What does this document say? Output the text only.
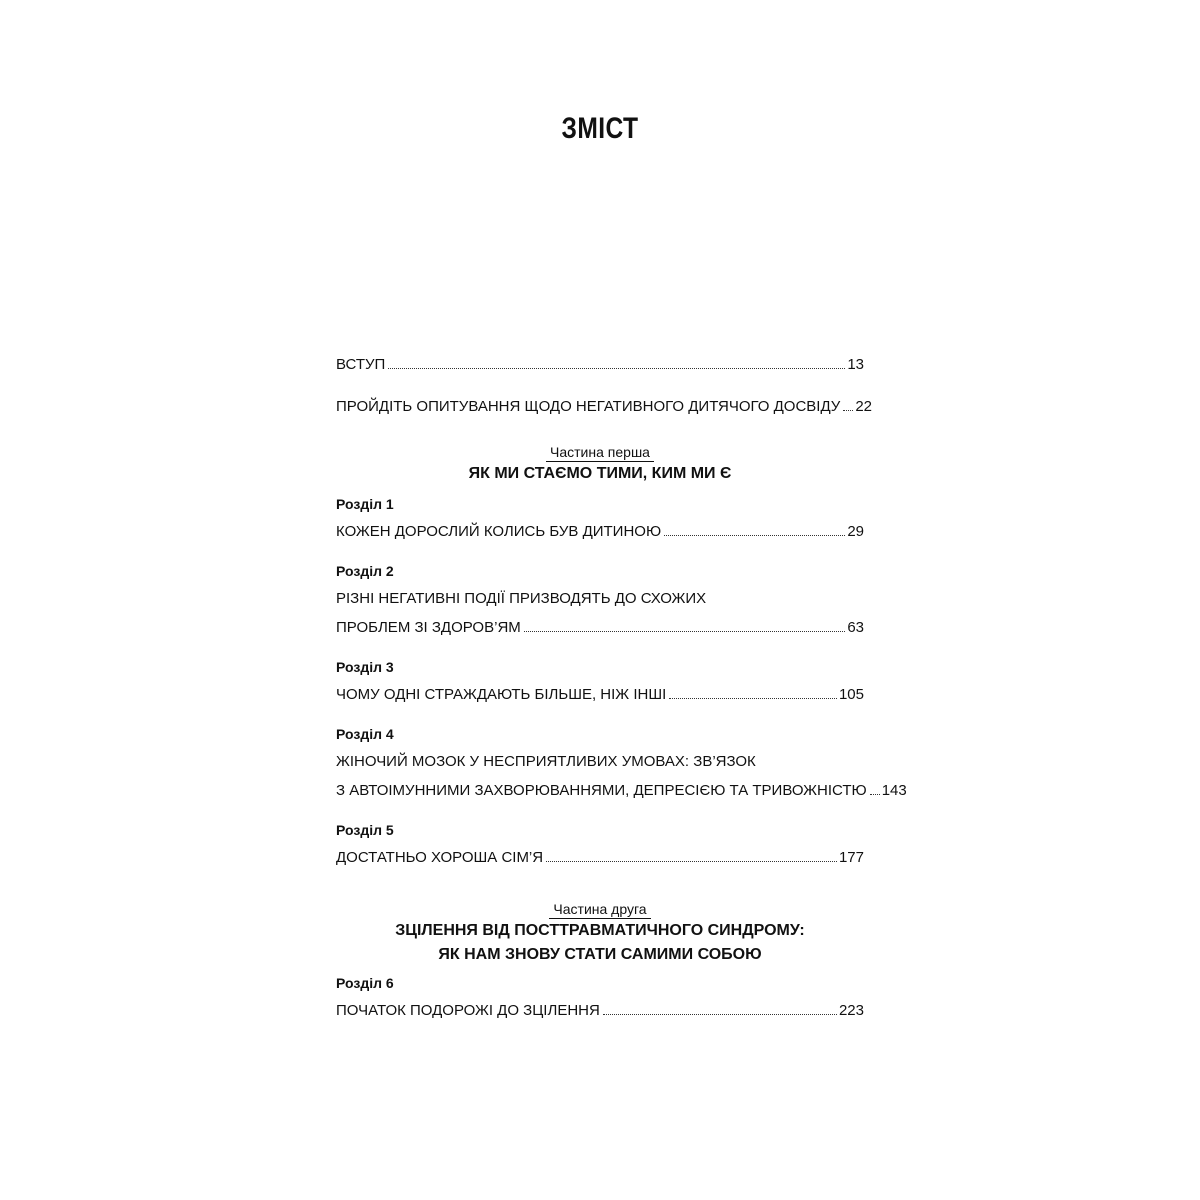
ЗМІСТ
ВСТУП	13
ПРОЙДІТЬ ОПИТУВАННЯ ЩОДО НЕГАТИВНОГО ДИТЯЧОГО ДОСВІДУ 22
Частина перша
ЯК МИ СТАЄМО ТИМИ, КИМ МИ Є
Розділ 1
КОЖЕН ДОРОСЛИЙ КОЛИСЬ БУВ ДИТИНОЮ	29
Розділ 2
РІЗНІ НЕГАТИВНІ ПОДІЇ ПРИЗВОДЯТЬ ДО СХОЖИХ
ПРОБЛЕМ ЗІ ЗДОРОВ’ЯМ	63
Розділ 3
ЧОМУ ОДНІ СТРАЖДАЮТЬ БІЛЬШЕ, НІЖ ІНШІ	105
Розділ 4
ЖІНОЧИЙ МОЗОК У НЕСПРИЯТЛИВИХ УМОВАХ: ЗВ’ЯЗОК
З АВТОІМУННИМИ ЗАХВОРЮВАННЯМИ, ДЕПРЕСІЄЮ ТА ТРИВОЖНІСТЮ 143
Розділ 5
ДОСТАТНЬО ХОРОША СІМ’Я	177
Частина друга
ЗЦІЛЕННЯ ВІД ПОСТТРАВМАТИЧНОГО СИНДРОМУ:
ЯК НАМ ЗНОВУ СТАТИ САМИМИ СОБОЮ
Розділ 6
ПОЧАТОК ПОДОРОЖІ ДО ЗЦІЛЕННЯ	223
